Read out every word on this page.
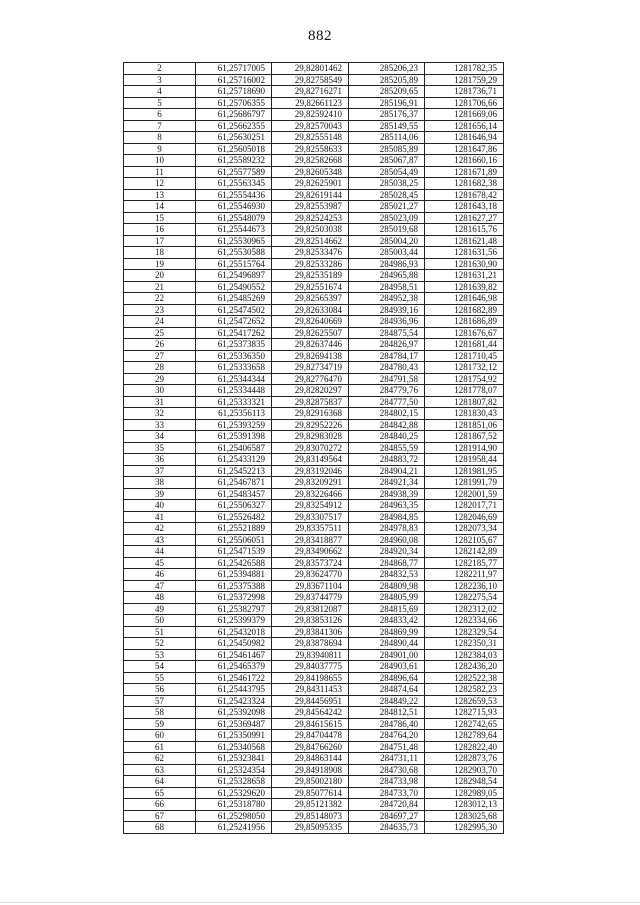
882
2	61,25717005	29,82801462	285206,23	1281782,35
3	61,25716002	29,82758549	285205,89	1281759,29
4	61,25718690	29,82716271	285209,65	1281736,71
5	61,25706355	29,82661123	285196,91	1281706,66
6	61,25686797	29,82592410	285176,37	1281669,06
7	61,25662355	29,82570043	285149,55	1281656,14
8	61,25630251	29,82555148	285114,06	1281646,94
9	61,25605018	29,82558633	285085,89	1281647,86
10	61,25589232	29,82582668	285067,87	1281660,16
11	61,25577589	29,82605348	285054,49	1281671,89
12	61,25563345	29,82625901	285038,25	1281682,38
13	61,25554436	29,82619144	285028,45	1281678,42
14	61,25546930	29,82553987	285021,27	1281643,18
15	61,25548079	29,82524253	285023,09	1281627,27
16	61,25544673	29,82503038	285019,68	1281615,76
17	61,25530965	29,82514662	285004,20	1281621,48
18	61,25530588	29,82533476	285003,44	1281631,56
19	61,25515764	29,82533286	284986,93	1281630,90
20	61,25496897	29,82535189	284965,88	1281631,21
21	61,25490552	29,82551674	284958,51	1281639,82
22	61,25485269	29,82565397	284952,38	1281646,98
23	61,25474502	29,82633084	284939,16	1281682,89
24	61,25472652	29,82640669	284936,96	1281686,89
25	61,25417262	29,82625507	284875,54	1281676,67
26	61,25373835	29,82637446	284826,97	1281681,44
27	61,25336350	29,82694138	284784,17	1281710,45
28	61,25333658	29,82734719	284780,43	1281732,12
29	61,25344344	29,82776470	284791,58	1281754,92
30	61,25334448	29,82820297	284779,76	1281778,07
31	61,25333321	29,82875837	284777,50	1281807,82
32	61,25356113	29,82916368	284802,15	1281830,43
33	61,25393259	29,82952226	284842,88	1281851,06
34	61,25391398	29,82983028	284840,25	1281867,52
35	61,25406587	29,83070272	284855,59	1281914,90
36	61,25433129	29,83149564	284883,72	1281958,44
37	61,25452213	29,83192046	284904,21	1281981,95
38	61,25467871	29,83209291	284921,34	1281991,79
39	61,25483457	29,83226466	284938,39	1282001,59
40	61,25506327	29,83254912	284963,35	1282017,71
41	61,25526482	29,83307517	284984,85	1282046,69
42	61,25521889	29,83357511	284978,83	1282073,34
43	61,25506051	29,83418877	284960,08	1282105,67
44	61,25471539	29,83490662	284920,34	1282142,89
45	61,25426588	29,83573724	284868,77	1282185,77
46	61,25394881	29,83624770	284832,53	1282211,97
47	61,25375388	29,83671104	284809,98	1282236,10
48	61,25372998	29,83744779	284805,99	1282275,54
49	61,25382797	29,83812087	284815,69	1282312,02
50	61,25399379	29,83853126	284833,42	1282334,66
51	61,25432018	29,83841306	284869,99	1282329,54
52	61,25450982	29,83878694	284890,44	1282350,31
53	61,25461467	29,83940811	284901,00	1282384,03
54	61,25465379	29,84037775	284903,61	1282436,20
55	61,25461722	29,84198655	284896,64	1282522,38
56	61,25443795	29,84311453	284874,64	1282582,23
57	61,25423324	29,84456951	284849,22	1282659,53
58	61,25392098	29,84564242	284812,51	1282715,93
59	61,25369487	29,84615615	284786,40	1282742,65
60	61,25350991	29,84704478	284764,20	1282789,64
61	61,25340568	29,84766260	284751,48	1282822,40
62	61,25323841	29,84863144	284731,11	1282873,76
63	61,25324354	29,84918908	284730,68	1282903,70
64	61,25328658	29,85002180	284733,98	1282948,54
65	61,25329620	29,85077614	284733,70	1282989,05
66	61,25318780	29,85121382	284720,84	1283012,13
67	61,25298050	29,85148073	284697,27	1283025,68
68	61,25241956	29,85095335	284635,73	1282995,30
